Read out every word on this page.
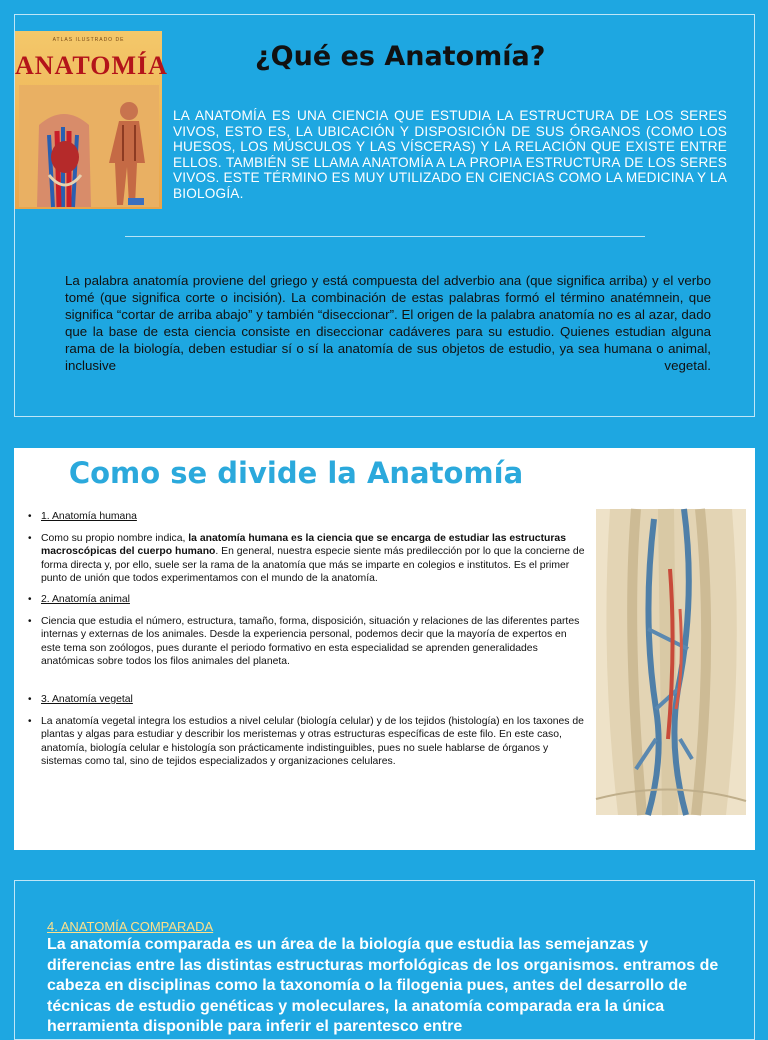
ATLAS ILUSTRADO DE
ANATOMÍA	¿Qué es Anatomía?

LA ANATOMÍA ES UNA CIENCIA QUE ESTUDIA LA ESTRUCTURA DE LOS SERES VIVOS, ESTO ES, LA UBICACIÓN Y DISPOSICIÓN DE SUS ÓRGANOS (COMO LOS HUESOS, LOS MÚSCULOS Y LAS VÍSCERAS) Y LA RELACIÓN QUE EXISTE ENTRE ELLOS. TAMBIÉN SE LLAMA ANATOMÍA A LA PROPIA ESTRUCTURA DE LOS SERES VIVOS. ESTE TÉRMINO ES MUY UTILIZADO EN CIENCIAS COMO LA MEDICINA Y LA BIOLOGÍA.

La palabra anatomía proviene del griego y está compuesta del adverbio ana (que significa arriba) y el verbo tomé (que significa corte o incisión). La combinación de estas palabras formó el término anatémnein, que significa “cortar de arriba abajo” y también “diseccionar”. El origen de la palabra anatomía no es al azar, dado que la base de esta ciencia consiste en diseccionar cadáveres para su estudio. Quienes estudian alguna rama de la biología, deben estudiar sí o sí la anatomía de sus objetos de estudio, ya sea humana o animal, inclusive vegetal.

Como se divide la Anatomía
• 1. Anatomía humana
• Como su propio nombre indica, la anatomía humana es la ciencia que se encarga de estudiar las estructuras macroscópicas del cuerpo humano. En general, nuestra especie siente más predilección por lo que la concierne de forma directa y, por ello, suele ser la rama de la anatomía que más se imparte en colegios e institutos. Es el primer punto de unión que todos experimentamos con el mundo de la anatomía.
• 2. Anatomía animal
• Ciencia que estudia el número, estructura, tamaño, forma, disposición, situación y relaciones de las diferentes partes internas y externas de los animales. Desde la experiencia personal, podemos decir que la mayoría de expertos en este tema son zoólogos, pues durante el periodo formativo en esta especialidad se aprenden generalidades anatómicas sobre todos los filos animales del planeta.
• 3. Anatomía vegetal
• La anatomía vegetal integra los estudios a nivel celular (biología celular) y de los tejidos (histología) en los taxones de plantas y algas para estudiar y describir los meristemas y otras estructuras específicas de este filo. En este caso, anatomía, biología celular e histología son prácticamente indistinguibles, pues no suele hablarse de órganos y sistemas como tal, sino de tejidos especializados y organizaciones celulares.
4. ANATOMÍA COMPARADA

La anatomía comparada es un área de la biología que estudia las semejanzas y diferencias entre las distintas estructuras morfológicas de los organismos. entramos de cabeza en disciplinas como la taxonomía o la filogenia pues, antes del desarrollo de técnicas de estudio genéticas y moleculares, la anatomía comparada era la única herramienta disponible para inferir el parentesco entre
